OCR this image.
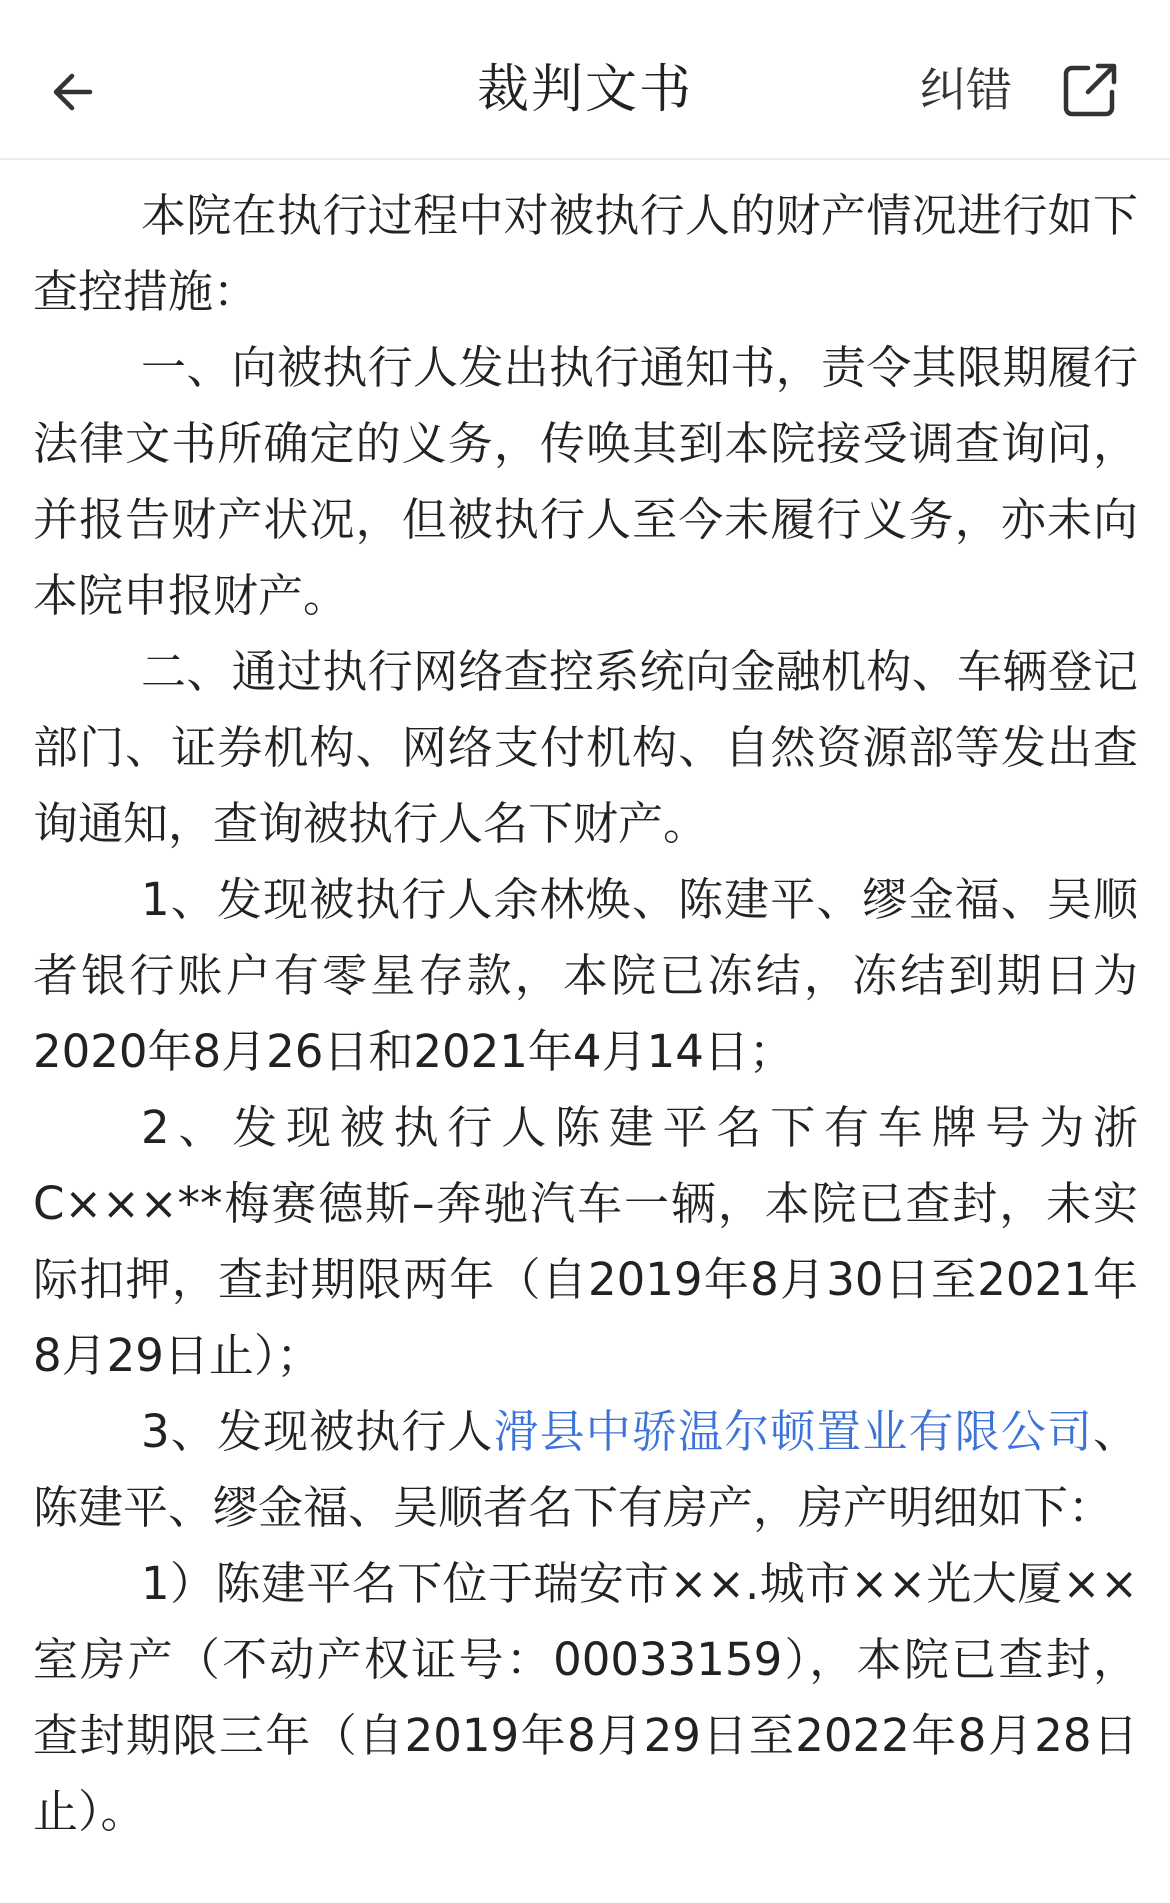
裁判文书	纠错

本院在执行过程中对被执行人的财产情况进行如下查控措施：

一、向被执行人发出执行通知书，责令其限期履行法律文书所确定的义务，传唤其到本院接受调查询问，并报告财产状况，但被执行人至今未履行义务，亦未向本院申报财产。

二、通过执行网络查控系统向金融机构、车辆登记部门、证券机构、网络支付机构、自然资源部等发出查询通知，查询被执行人名下财产。

1、发现被执行人余林焕、陈建平、缪金福、吴顺者银行账户有零星存款，本院已冻结，冻结到期日为2020年8月26日和2021年4月14日；

2、发现被执行人陈建平名下有车牌号为浙C×××**梅赛德斯–奔驰汽车一辆，本院已查封，未实际扣押，查封期限两年（自2019年8月30日至2021年8月29日止）；

3、发现被执行人滑县中骄温尔顿置业有限公司、陈建平、缪金福、吴顺者名下有房产，房产明细如下：

1）陈建平名下位于瑞安市××.城市××光大厦××室房产（不动产权证号：00033159），本院已查封，查封期限三年（自2019年8月29日至2022年8月28日止）。
